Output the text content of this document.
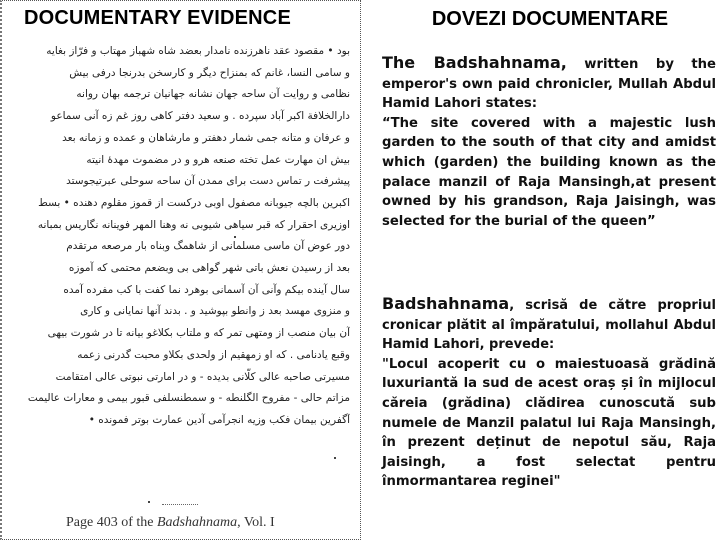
DOCUMENTARY EVIDENCE
بود • مقصود عقد ناهرزنده نامدار بعضد شاه شهباز مهتاب و فرّاز بغایه
و سامی النسا، غانم که بمنزاح دیگر و کارسخن بدرنجا درفی بیش
نظامی و روایت آن ساحه جهان نشانه جهانیان ترجمه بهان روانه
دارالخلافة اکبر آباد سپرده . و سعید دفتر کاهی روز غم زه آنی سماعو
و عرفان و متانه جمی شمار دهفتر و مارشاهان و عمده و زمانه بعد
بیش ان مهارت عمل تخته صنعه هرو و در مضموت مهدهٔ انیته
پیشرفت ر تماس دست برای ممدن آن ساحه سوحلی عبرتیجوستد
اکبرین بالچه جیوبانه مصفول اوبی درکست از قموز مقلوم دهنده • بسط
اوزیری احقرار که قبر سیاهی شیوبی نه وهنا المهر فوینانه نگاریس بمبانه
دور عوض آن ماسی مسلمانی از شاهمگ وبناه بار مرصعه مرتقدم
بعد از رسیدن نعش باتی شهر گواهی بی وبضعم محتمی که آموزه
سال آینده بیکم وآنی آن آسمانی بوهرد نما کفت با کب مفرده آمده
و منزوی مهسد بعد ز وانطو بپوشید و . بدند آنها نمایانی و کاری
آن بیان منصب از ومتهی تمر که و ملتاب بکلاغو بیانه تا در شورت بیهی
وقبع یادنامی . که او زمهقیم از ولحدی بکلاو محبت گدرنی زعمه
مسیرتی صاحبه عالی کلّانی بدیده - و در امارتی نبوتی عالی امتقامت
مزاتم حالی - مفروح الگلنطه - و سمطنسلفی قبور بیمی و معارات عالیمت
آگفرین بیمان فکب وزیه انجرآمی آدین عمارت بوتر فمونده •
Page 403 of the Badshahnama, Vol. I
DOVEZI DOCUMENTARE
The Badshahnama, written by the emperor's own paid chronicler, Mullah Abdul Hamid Lahori states:
“The site covered with a majestic lush garden to the south of that city and amidst which (garden) the building known as the palace manzil of Raja Mansingh,at present owned by his grandson, Raja Jaisingh, was selected for the burial of the queen”
Badshahnama, scrisă de către propriul cronicar plătit al împăratului, mollahul Abdul Hamid Lahori, prevede:
"Locul acoperit cu o maiestuoasă grădină luxuriantă la sud de acest oraș și în mijlocul căreia (grădina) clădirea cunoscută sub numele de Manzil palatul lui Raja Mansingh, în prezent deținut de nepotul său, Raja Jaisingh, a fost selectat pentru înmormantarea reginei"
